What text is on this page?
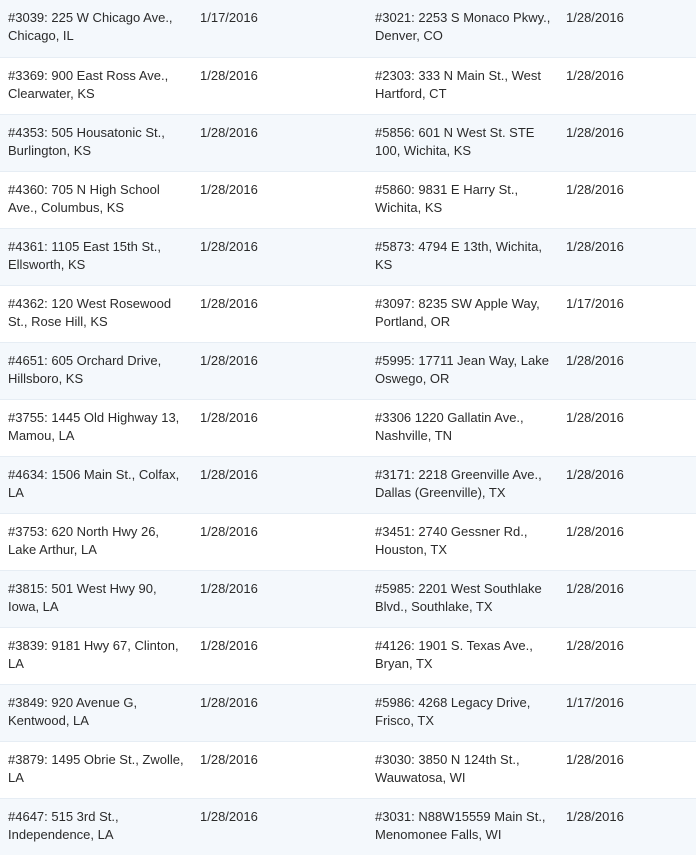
#3039: 225 W Chicago Ave., Chicago, IL	1/17/2016	#3021: 2253 S Monaco Pkwy., Denver, CO	1/28/2016
#3369: 900 East Ross Ave., Clearwater, KS	1/28/2016	#2303: 333 N Main St., West Hartford, CT	1/28/2016
#4353: 505 Housatonic St., Burlington, KS	1/28/2016	#5856: 601 N West St. STE 100, Wichita, KS	1/28/2016
#4360: 705 N High School Ave., Columbus, KS	1/28/2016	#5860: 9831 E Harry St., Wichita, KS	1/28/2016
#4361: 1105 East 15th St., Ellsworth, KS	1/28/2016	#5873: 4794 E 13th, Wichita, KS	1/28/2016
#4362: 120 West Rosewood St., Rose Hill, KS	1/28/2016	#3097: 8235 SW Apple Way, Portland, OR	1/17/2016
#4651: 605 Orchard Drive, Hillsboro, KS	1/28/2016	#5995: 17711 Jean Way, Lake Oswego, OR	1/28/2016
#3755: 1445 Old Highway 13, Mamou, LA	1/28/2016	#3306 1220 Gallatin Ave., Nashville, TN	1/28/2016
#4634: 1506 Main St., Colfax, LA	1/28/2016	#3171: 2218 Greenville Ave., Dallas (Greenville), TX	1/28/2016
#3753: 620 North Hwy 26, Lake Arthur, LA	1/28/2016	#3451: 2740 Gessner Rd., Houston, TX	1/28/2016
#3815: 501 West Hwy 90, Iowa, LA	1/28/2016	#5985: 2201 West Southlake Blvd., Southlake, TX	1/28/2016
#3839: 9181 Hwy 67, Clinton, LA	1/28/2016	#4126: 1901 S. Texas Ave., Bryan, TX	1/28/2016
#3849: 920 Avenue G, Kentwood, LA	1/28/2016	#5986: 4268 Legacy Drive, Frisco, TX	1/17/2016
#3879: 1495 Obrie St., Zwolle, LA	1/28/2016	#3030: 3850 N 124th St., Wauwatosa, WI	1/28/2016
#4647: 515 3rd St., Independence, LA	1/28/2016	#3031: N88W15559 Main St., Menomonee Falls, WI	1/28/2016
